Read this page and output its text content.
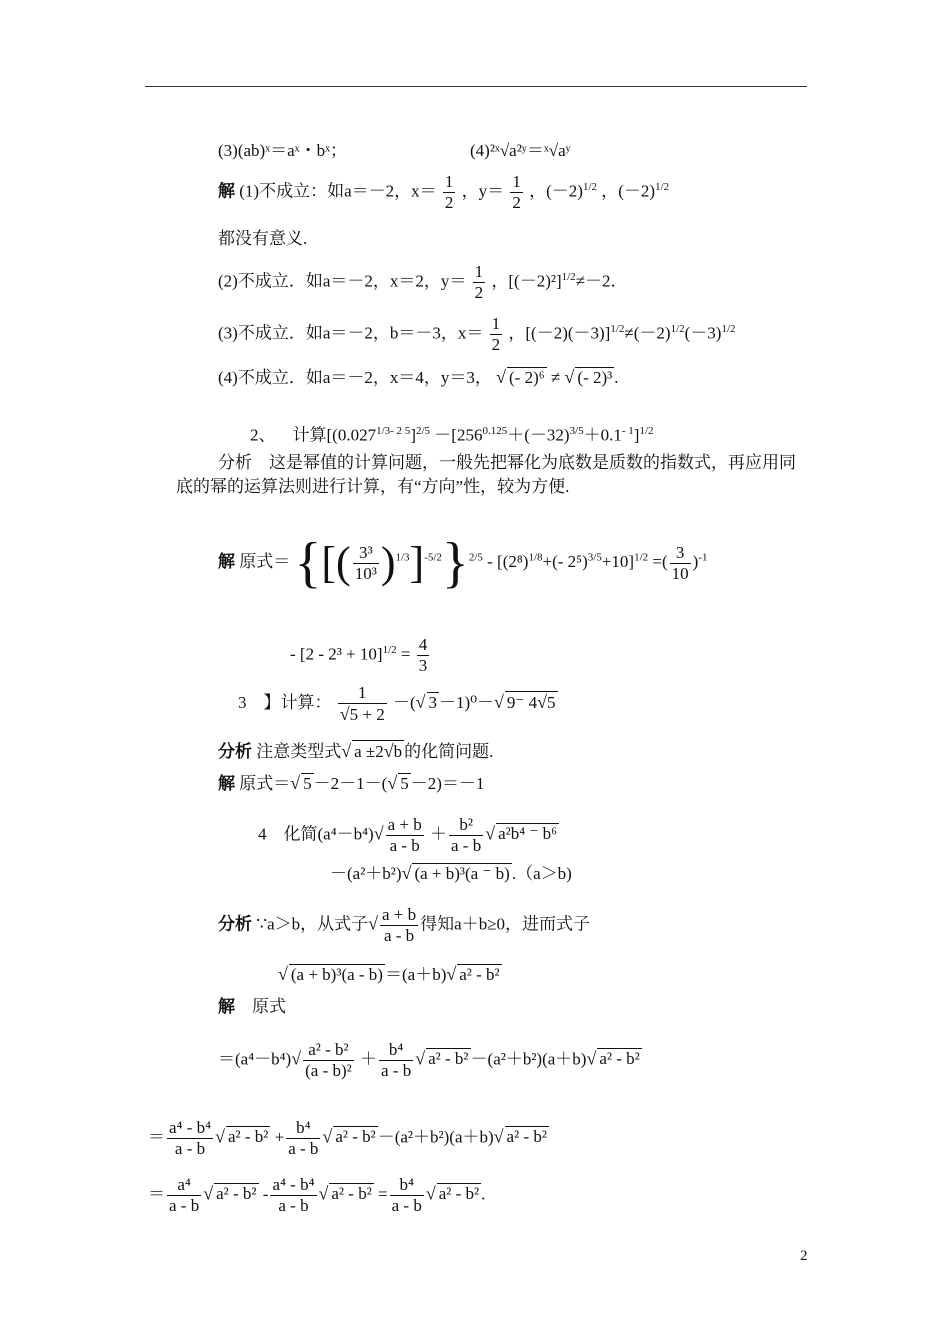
(3)(ab)ˣ＝aˣ・bˣ；	(4)²ˣ√a²ʸ＝ˣ√aʸ
解 (1)不成立：如a＝－2，$x= \frac{1}{2}$ ，$y= \frac{1}{2}$ ，$(-2)^{1/2}$ ，$(-2)^{1/2}$
都没有意义.
(2)不成立．如a＝－2，x＝2，$y= \frac{1}{2}$ ，$[(-2)^2]^{1/2}\ne-2$．
(3)不成立．如a＝－2，b＝－3，$x= \frac{1}{2}$ ，$[(-2)(-3)]^{1/2}\ne(-2)^{1/2}(-3)^{1/2}$
(4)不成立．如a＝－2，x＝4，y＝3， √ (- 2)⁶ ≠ √ (- 2)³ .
2、 计算[$(0.027^{1/3- 2 5}]^{2/5} -[256^{0.125}+(-32)^{3/5}+0.1^{- 1}]^{1/2}$
分析　这是幂值的计算问题，一般先把幂化为底数是质数的指数式，再应用同
底的幂的运算法则进行计算，有“方向”性，较为方便.
解 原式＝ {[( $\frac{\text{3³}}{\text{10³}} )^{1/3}]^{-5/2}\}^{2/5} - [(2^8)^{1/8}+(-$ 2⁵)$^{3/5}$+10]$^{1/2}$ =( $\frac{3}{10} )^{-1}$
- $[2 - 2^3 + 10]^{1/2} = \frac{4}{3}$
3 】计算： $\frac{1}{√5 + 2}$ －(√ 3 －1)⁰－√ 9⁻ 4√5
分析 注意类型式√ a ±2√b 的化简问题.
解 原式＝√ 5 －2－1－(√ 5 －2)＝－1
4 化简$(a^4-b^4)√ \frac{a + b}{a - b} + \frac{\text{b²}}{a - b}$ √ a²b⁴ ⁻ b⁶
－(a²＋b²)√ (a + b)³(a ⁻ b) .（a＞b)
分析 ∵a＞b，从式子√ $\frac{a + b}{a - b}$ 得知a＋b≥0，进而式子
√ (a + b)³(a - b) ＝(a＋b)√ a² - b²
解 原式
$=(a^4-b^4)√ \frac{\text{a² - b²}}{\text{(a - b)²}} + \frac{\text{b⁴}}{a - b}$ √ a² - b² －(a²＋b²)(a＋b)√ a² - b²
＝ $\frac{\text{a⁴ - b⁴}}{a - b}$ √ $a^2 - b^2 + \frac{\text{b⁴}}{a - b}$ √ a² - b² －(a²＋b²)(a＋b)√ a² - b²
＝ $\frac{\text{a⁴}}{a - b}$ √ $a^2 - b^2 - \frac{\text{a⁴ - b⁴}}{a - b}$ √ $a^2 - b^2 = \frac{\text{b⁴}}{a - b}$ √ a² - b² .
2
